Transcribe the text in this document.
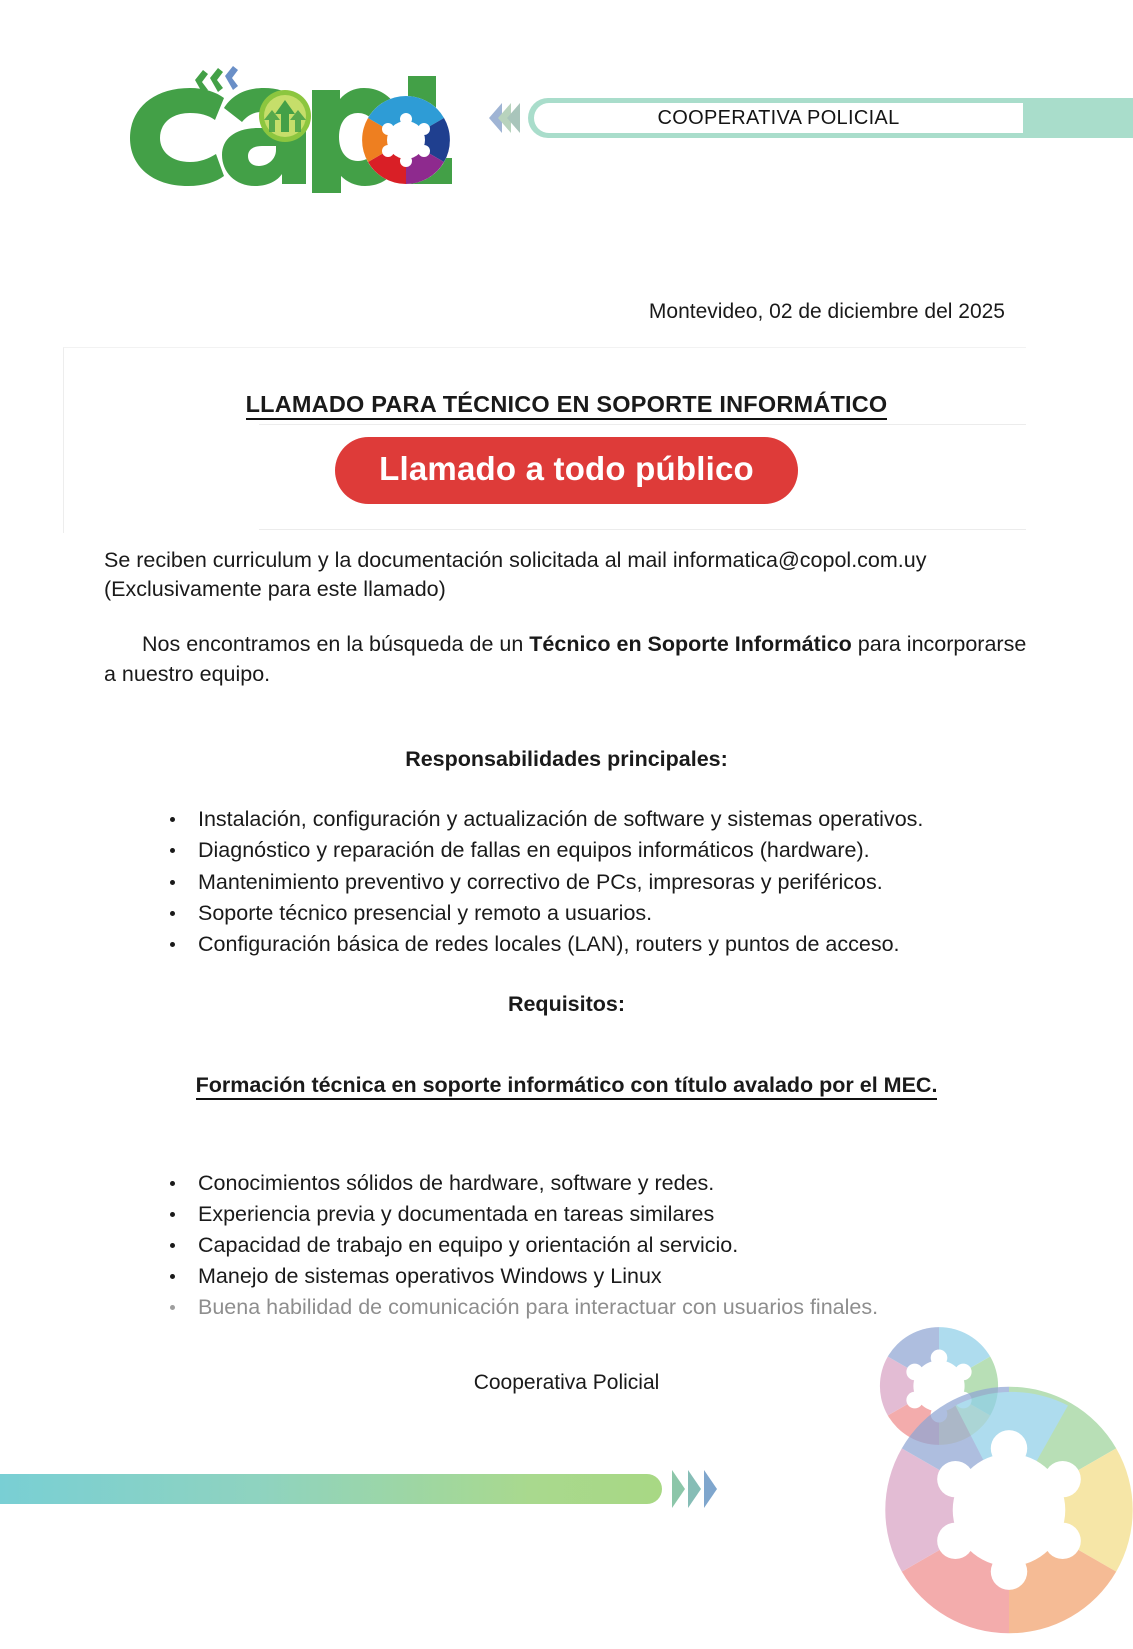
COOPERATIVA POLICIAL
Montevideo, 02 de diciembre del 2025
LLAMADO PARA TÉCNICO EN SOPORTE INFORMÁTICO
Llamado a todo público

Se reciben curriculum y la documentación solicitada al mail informatica@copol.com.uy
(Exclusivamente para este llamado)

Nos encontramos en la búsqueda de un Técnico en Soporte Informático para incorporarse a nuestro equipo.

Responsabilidades principales:

Instalación, configuración y actualización de software y sistemas operativos.
Diagnóstico y reparación de fallas en equipos informáticos (hardware).
Mantenimiento preventivo y correctivo de PCs, impresoras y periféricos.
Soporte técnico presencial y remoto a usuarios.
Configuración básica de redes locales (LAN), routers y puntos de acceso.

Requisitos:

Formación técnica en soporte informático con título avalado por el MEC.

Conocimientos sólidos de hardware, software y redes.
Experiencia previa y documentada en tareas similares
Capacidad de trabajo en equipo y orientación al servicio.
Manejo de sistemas operativos Windows y Linux
Buena habilidad de comunicación para interactuar con usuarios finales.

Cooperativa Policial
